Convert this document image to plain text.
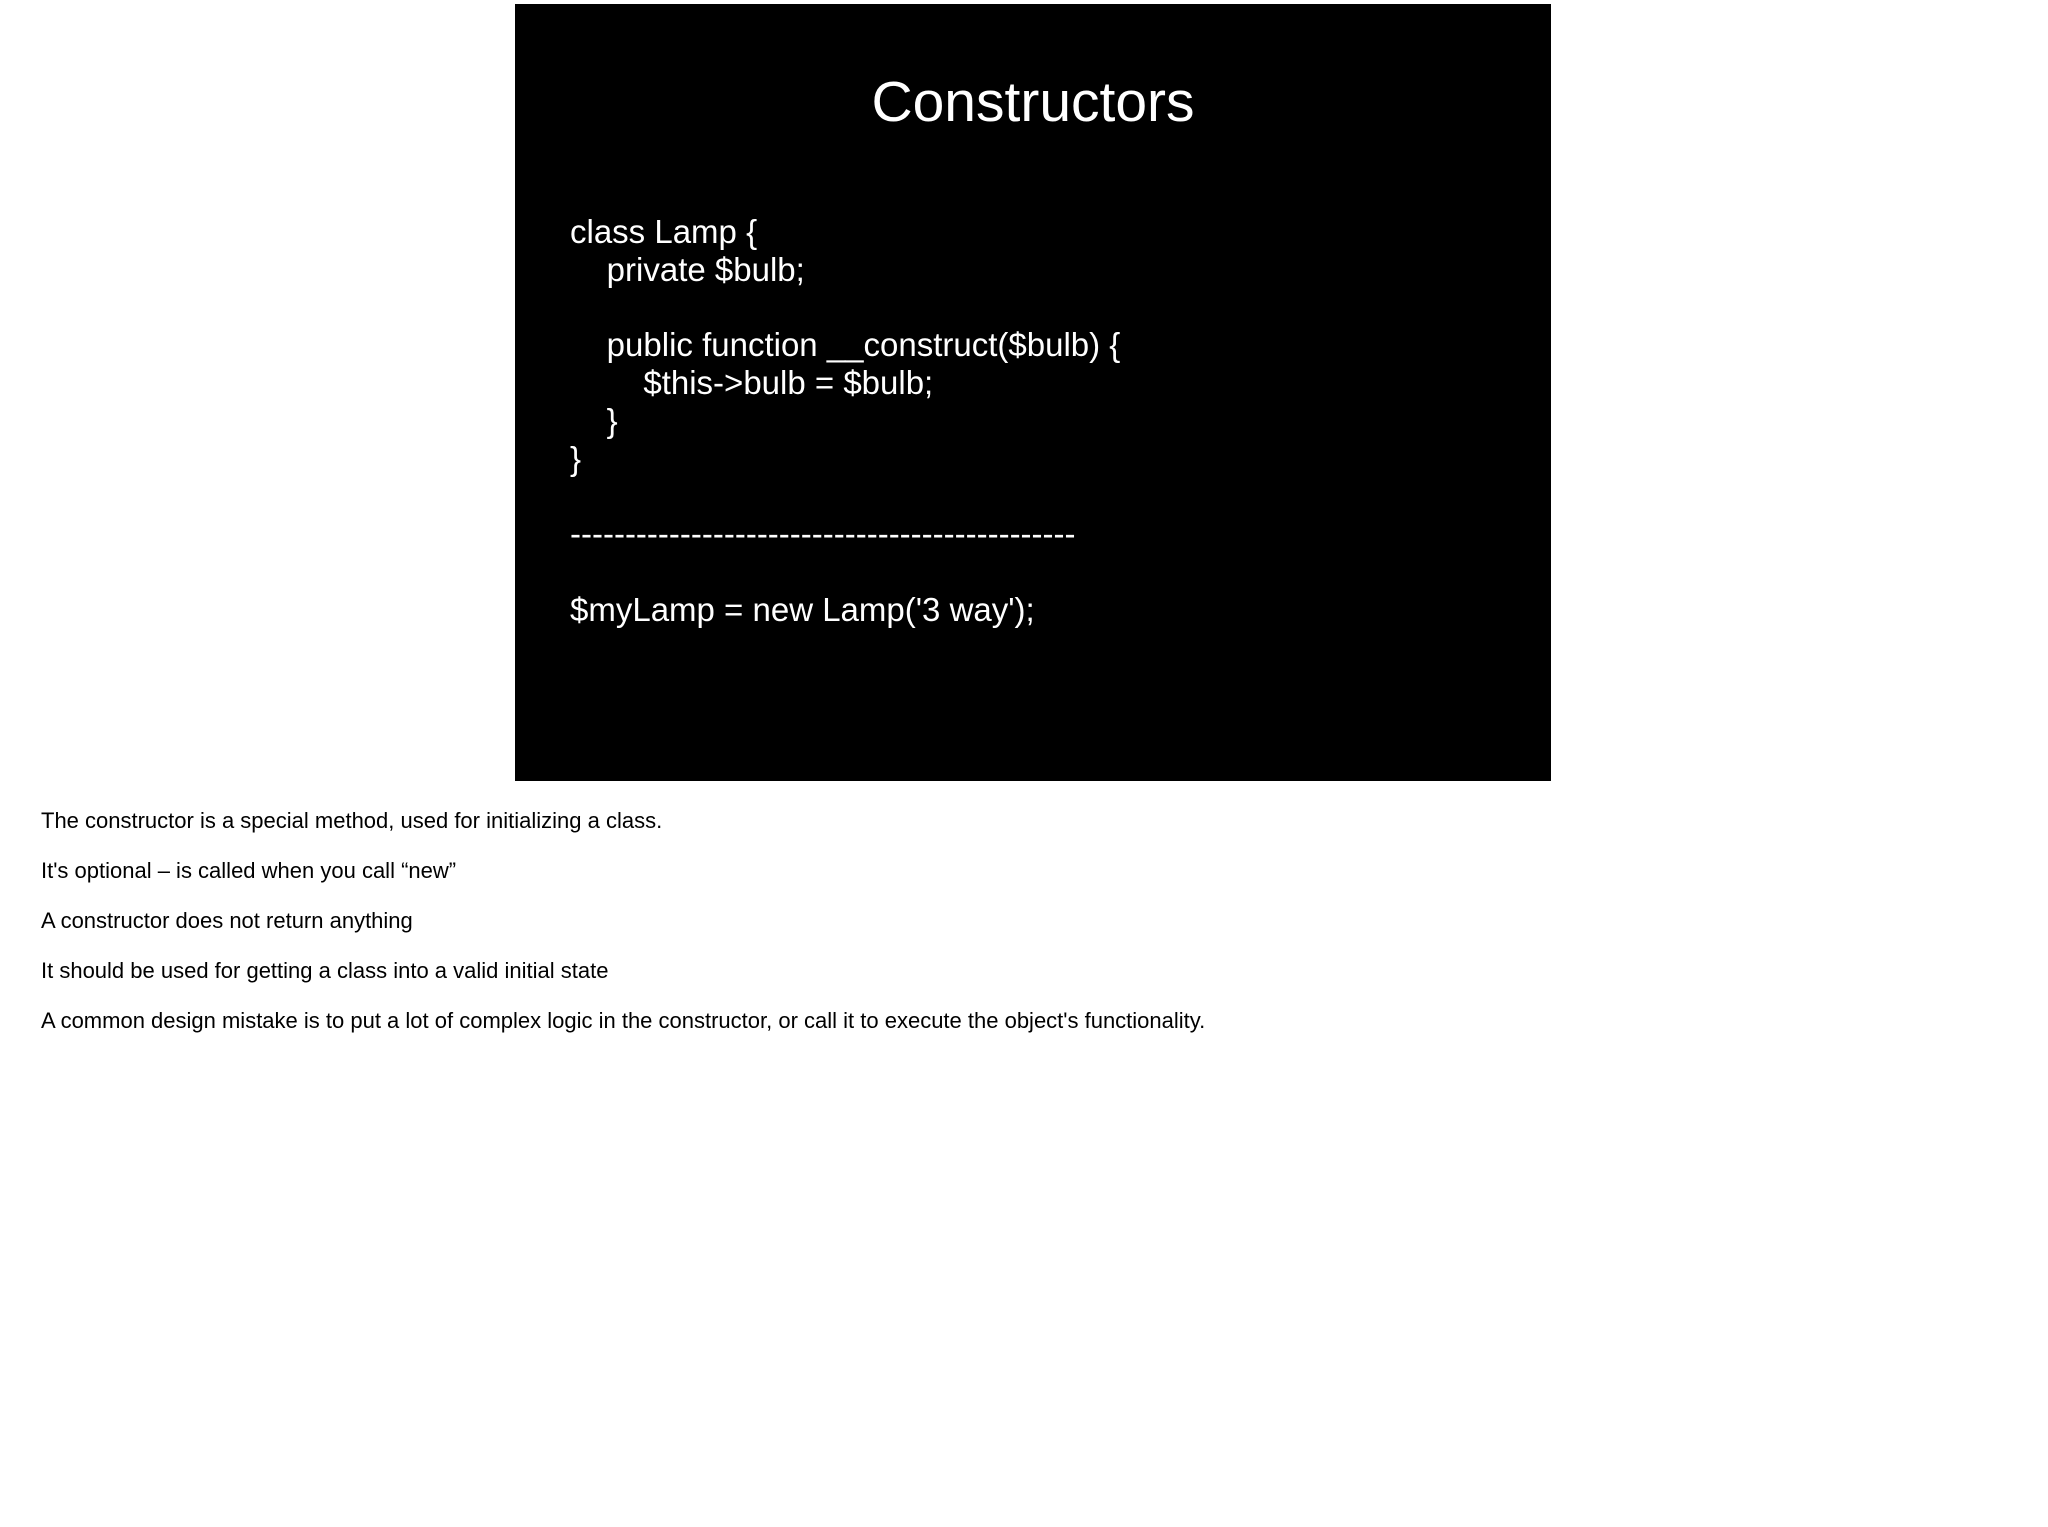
Constructors
class Lamp {
private $bulb;
public function __construct($bulb) {
$this->bulb = $bulb;
}
}
----------------------------------------------
$myLamp = new Lamp('3 way');
The constructor is a special method, used for initializing a class.
It's optional – is called when you call “new”
A constructor does not return anything
It should be used for getting a class into a valid initial state
A common design mistake is to put a lot of complex logic in the constructor, or call it to execute the object's functionality.
